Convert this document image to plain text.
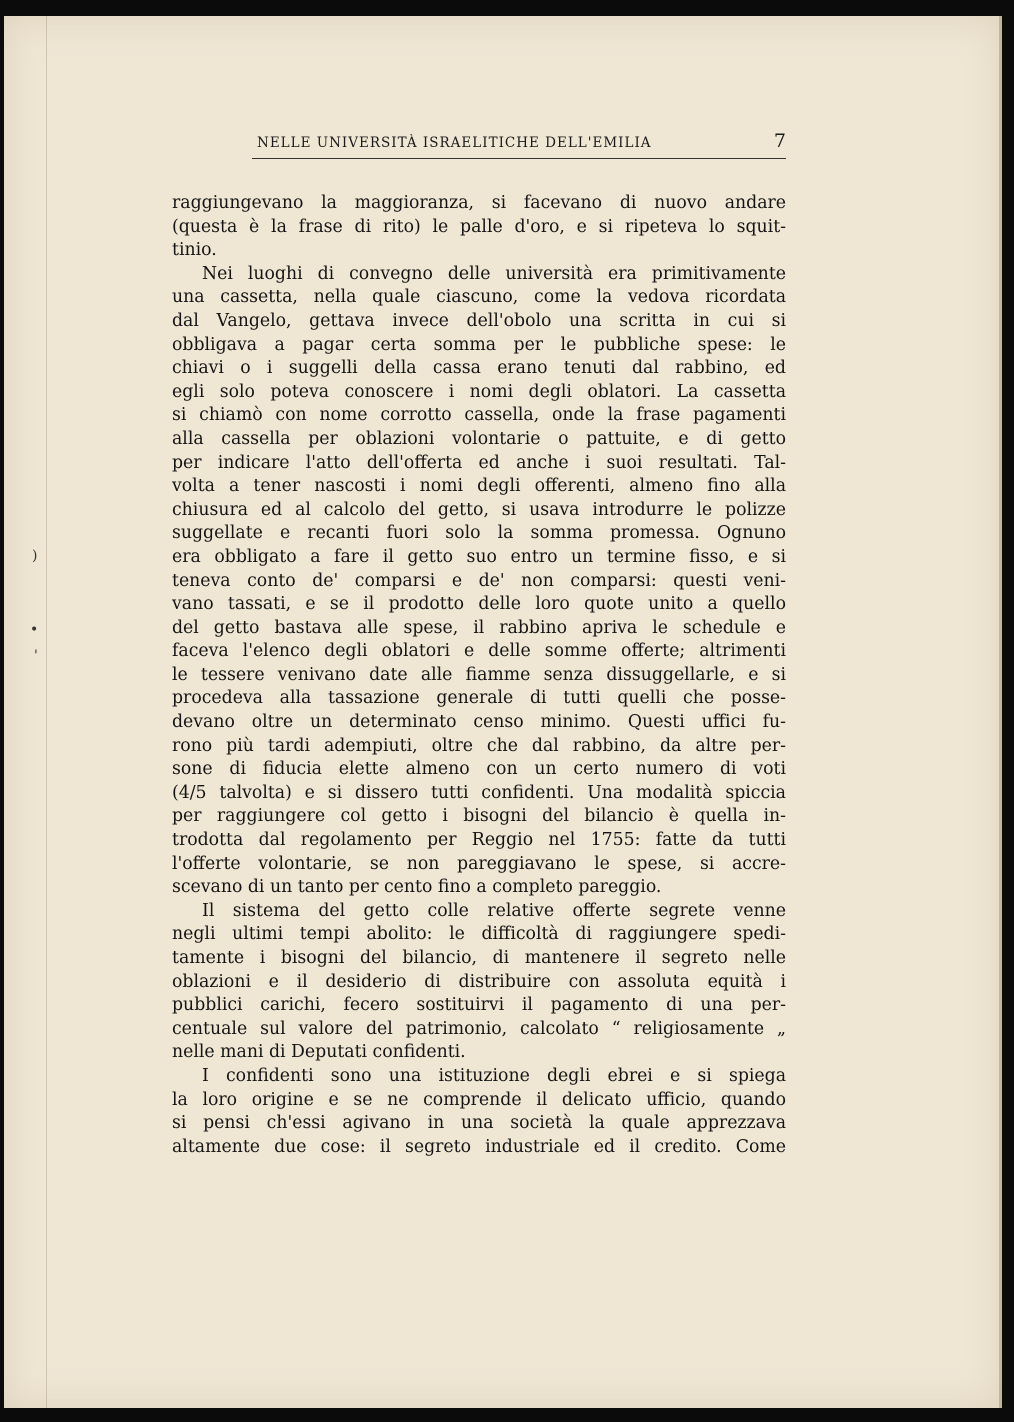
)
•
'
NELLE UNIVERSITÀ ISRAELITICHE DELL'EMILIA	7
raggiungevano la maggioranza, si facevano di nuovo andare
(questa è la frase di rito) le palle d'oro, e si ripeteva lo squit-
tinio.
Nei luoghi di convegno delle università era primitivamente
una cassetta, nella quale ciascuno, come la vedova ricordata
dal Vangelo, gettava invece dell'obolo una scritta in cui si
obbligava a pagar certa somma per le pubbliche spese: le
chiavi o i suggelli della cassa erano tenuti dal rabbino, ed
egli solo poteva conoscere i nomi degli oblatori. La cassetta
si chiamò con nome corrotto cassella, onde la frase pagamenti
alla cassella per oblazioni volontarie o pattuite, e di getto
per indicare l'atto dell'offerta ed anche i suoi resultati. Tal-
volta a tener nascosti i nomi degli offerenti, almeno fino alla
chiusura ed al calcolo del getto, si usava introdurre le polizze
suggellate e recanti fuori solo la somma promessa. Ognuno
era obbligato a fare il getto suo entro un termine fisso, e si
teneva conto de' comparsi e de' non comparsi: questi veni-
vano tassati, e se il prodotto delle loro quote unito a quello
del getto bastava alle spese, il rabbino apriva le schedule e
faceva l'elenco degli oblatori e delle somme offerte; altrimenti
le tessere venivano date alle fiamme senza dissuggellarle, e si
procedeva alla tassazione generale di tutti quelli che posse-
devano oltre un determinato censo minimo. Questi uffici fu-
rono più tardi adempiuti, oltre che dal rabbino, da altre per-
sone di fiducia elette almeno con un certo numero di voti
(4/5 talvolta) e si dissero tutti confidenti. Una modalità spiccia
per raggiungere col getto i bisogni del bilancio è quella in-
trodotta dal regolamento per Reggio nel 1755: fatte da tutti
l'offerte volontarie, se non pareggiavano le spese, si accre-
scevano di un tanto per cento fino a completo pareggio.
Il sistema del getto colle relative offerte segrete venne
negli ultimi tempi abolito: le difficoltà di raggiungere spedi-
tamente i bisogni del bilancio, di mantenere il segreto nelle
oblazioni e il desiderio di distribuire con assoluta equità i
pubblici carichi, fecero sostituirvi il pagamento di una per-
centuale sul valore del patrimonio, calcolato “ religiosamente „
nelle mani di Deputati confidenti.
I confidenti sono una istituzione degli ebrei e si spiega
la loro origine e se ne comprende il delicato ufficio, quando
si pensi ch'essi agivano in una società la quale apprezzava
altamente due cose: il segreto industriale ed il credito. Come
